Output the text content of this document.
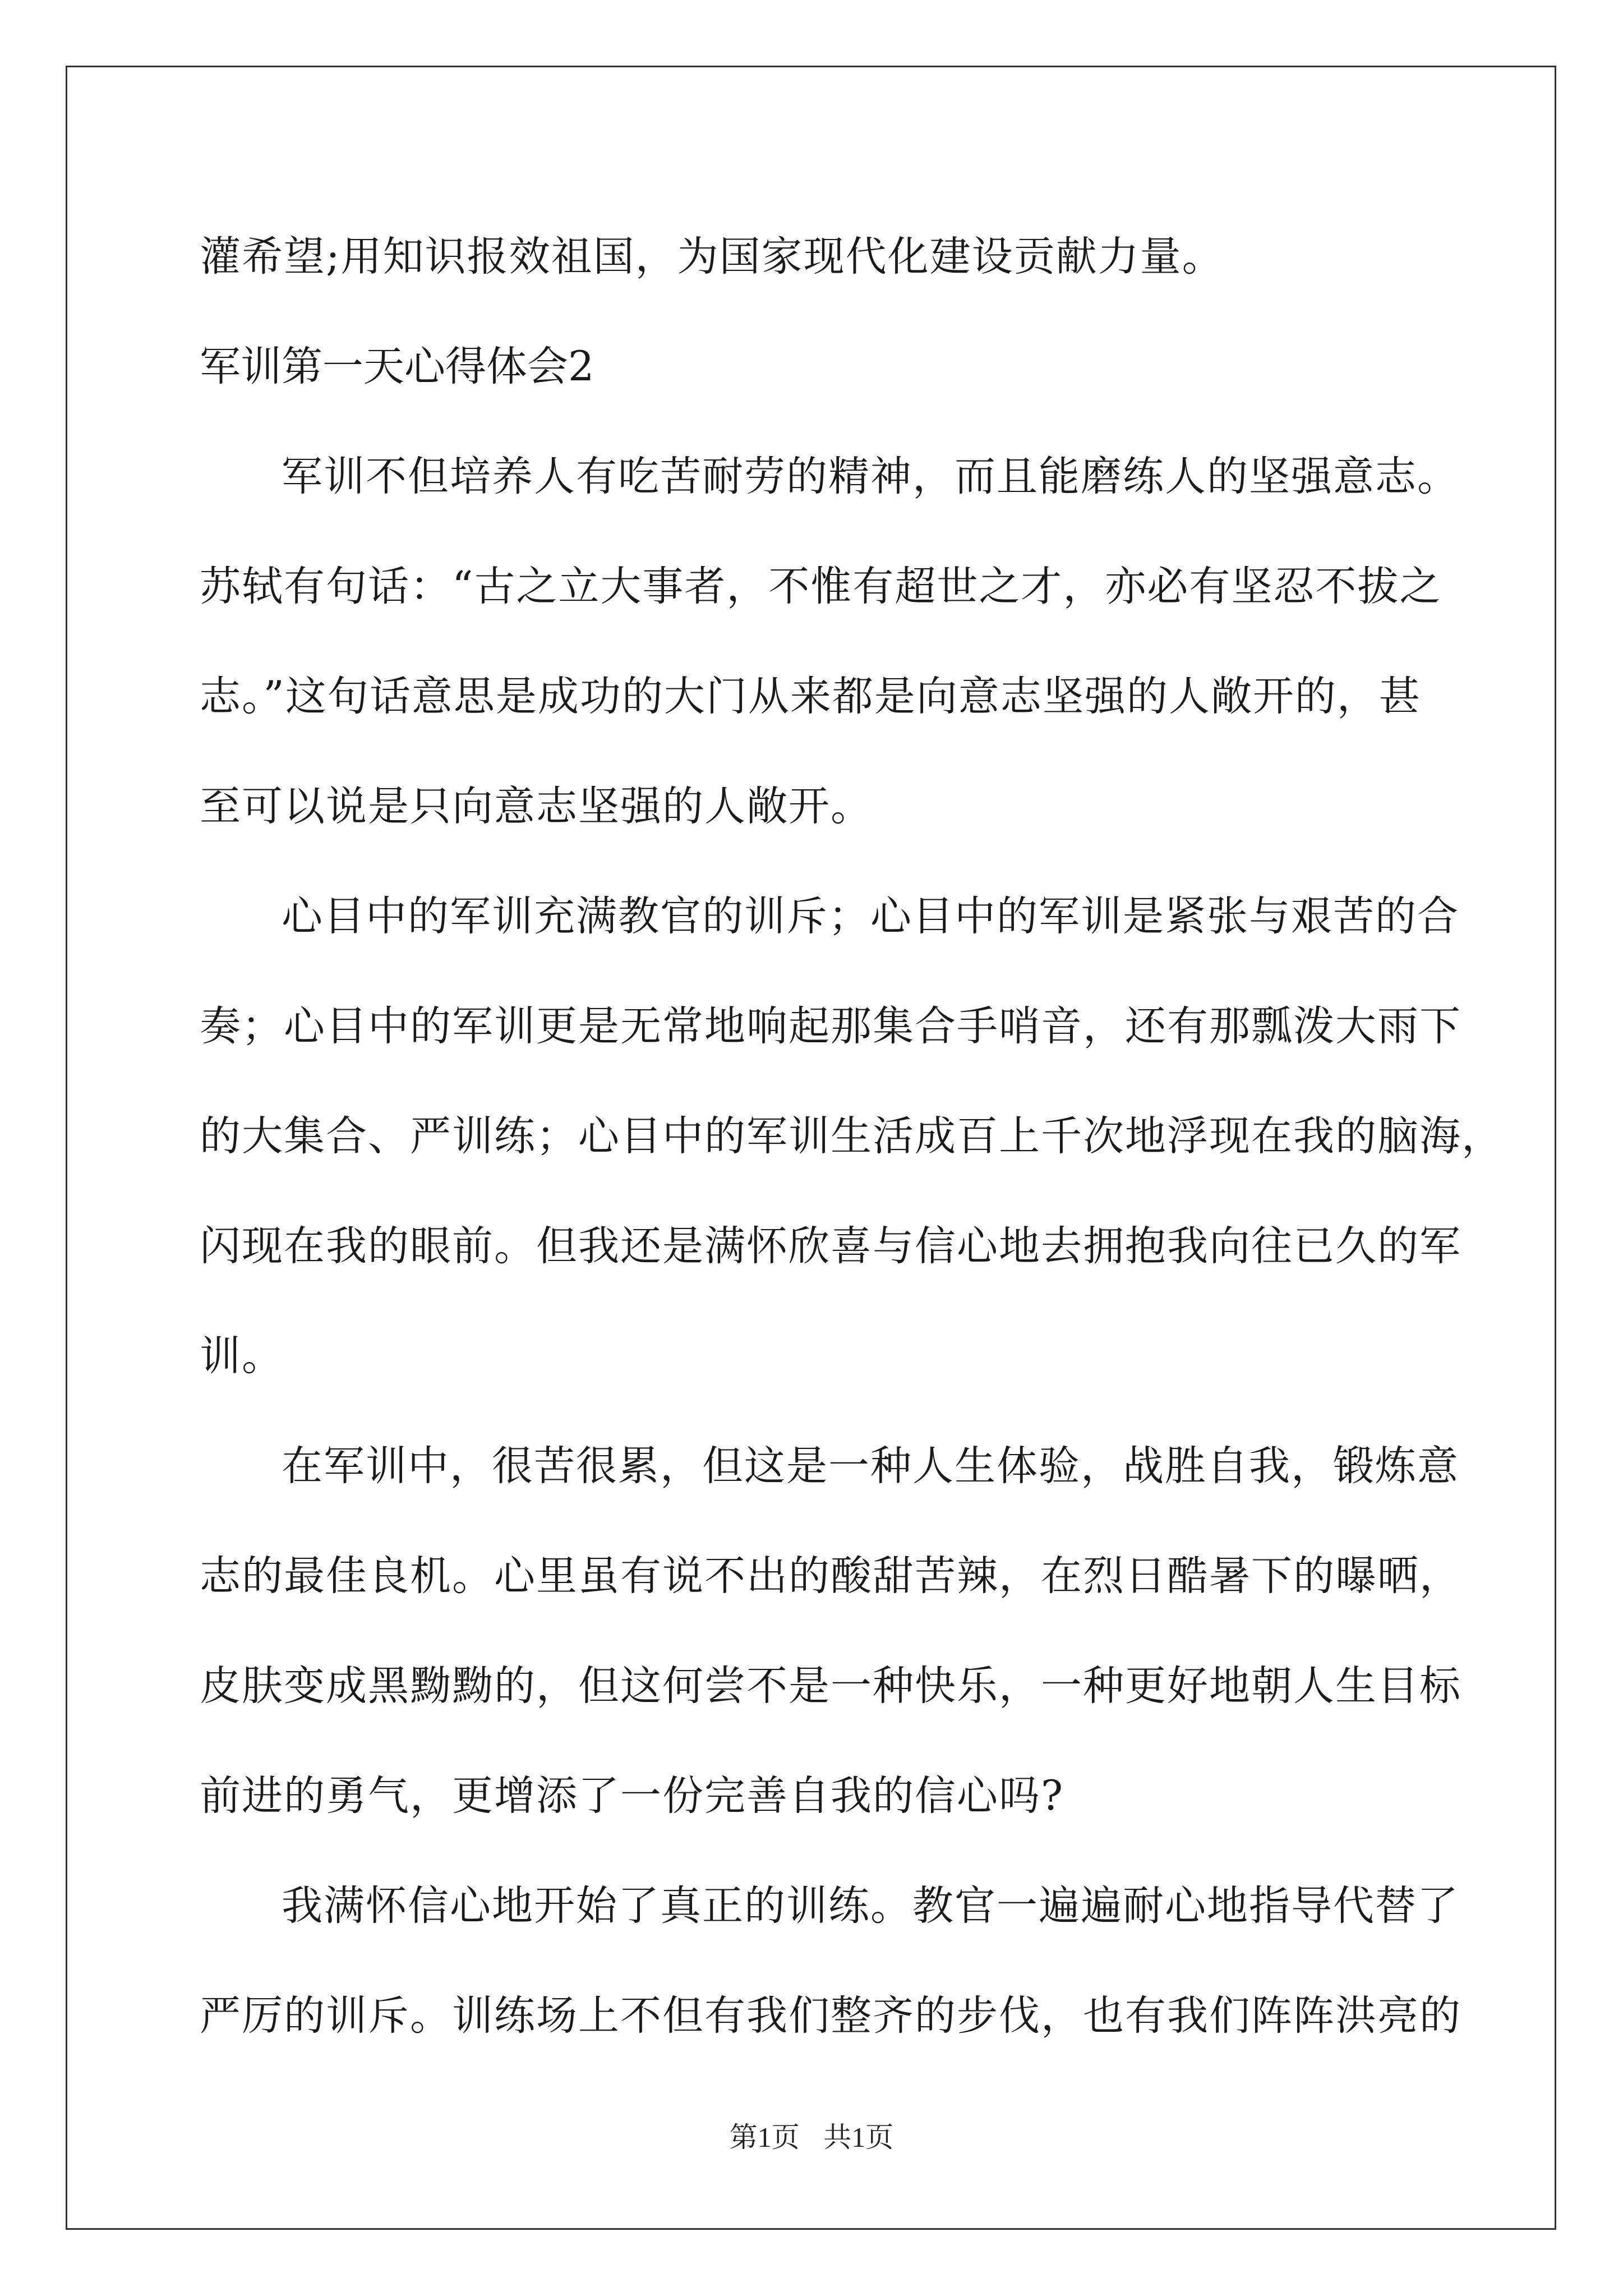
灌希望;用知识报效祖国，为国家现代化建设贡献力量。

军训第一天心得体会2

军训不但培养人有吃苦耐劳的精神，而且能磨练人的坚强意志。

苏轼有句话：“古之立大事者，不惟有超世之才，亦必有坚忍不拔之

志。”这句话意思是成功的大门从来都是向意志坚强的人敞开的，甚

至可以说是只向意志坚强的人敞开。

心目中的军训充满教官的训斥；心目中的军训是紧张与艰苦的合

奏；心目中的军训更是无常地响起那集合手哨音，还有那瓢泼大雨下

的大集合、严训练；心目中的军训生活成百上千次地浮现在我的脑海，

闪现在我的眼前。但我还是满怀欣喜与信心地去拥抱我向往已久的军

训。

在军训中，很苦很累，但这是一种人生体验，战胜自我，锻炼意

志的最佳良机。心里虽有说不出的酸甜苦辣，在烈日酷暑下的曝晒，

皮肤变成黑黝黝的，但这何尝不是一种快乐，一种更好地朝人生目标

前进的勇气，更增添了一份完善自我的信心吗?

我满怀信心地开始了真正的训练。教官一遍遍耐心地指导代替了

严厉的训斥。训练场上不但有我们整齐的步伐，也有我们阵阵洪亮的

第1页 共1页
